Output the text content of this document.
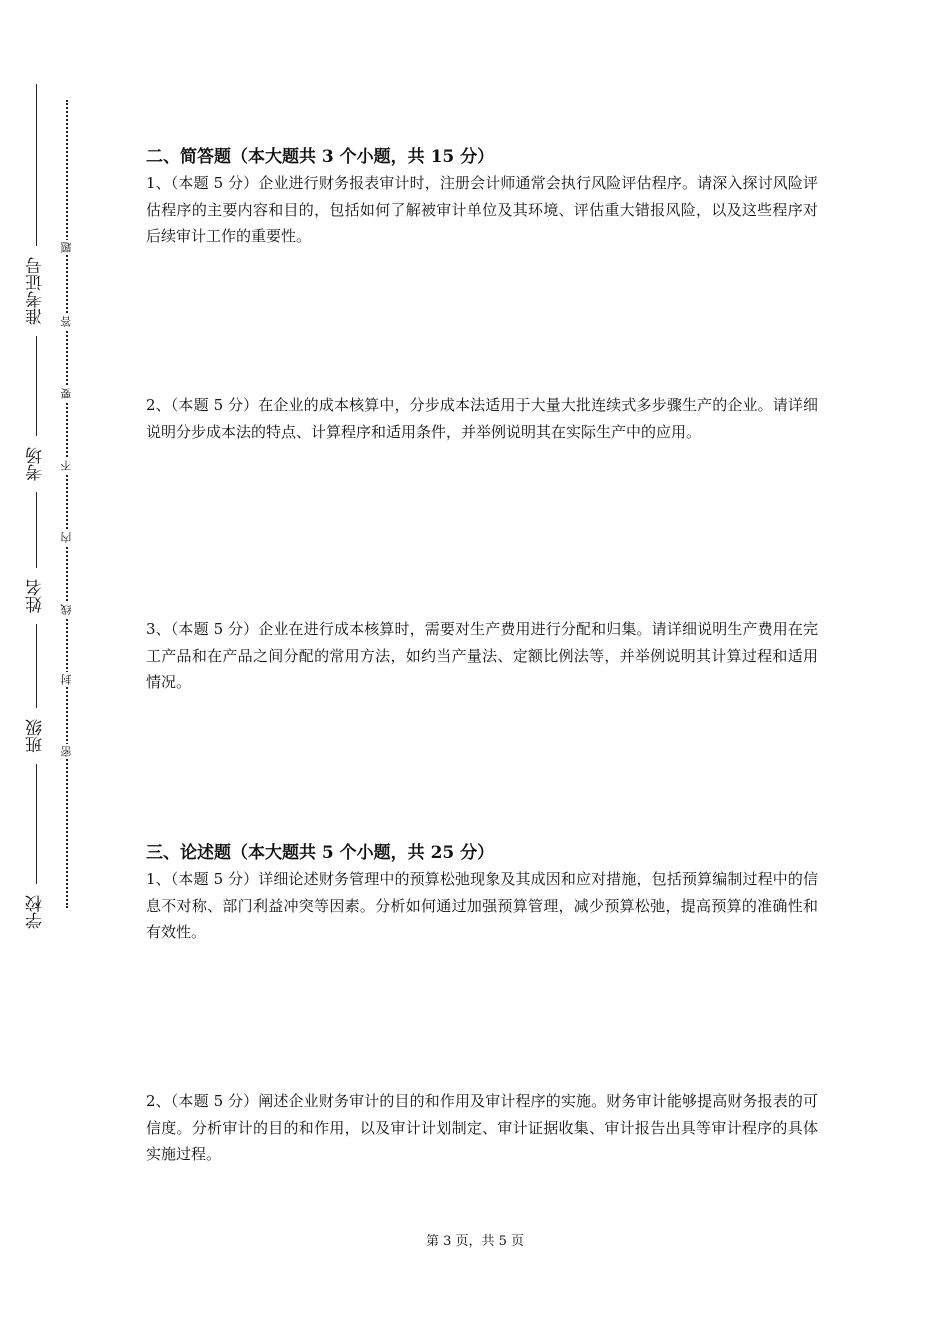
准考证号
考场
姓名
班级
学校
题
答
要
不
内
线
封
密
二、简答题（本大题共 3 个小题，共 15 分）
1、（本题 5 分）企业进行财务报表审计时，注册会计师通常会执行风险评估程序。请深入探讨风险评估程序的主要内容和目的，包括如何了解被审计单位及其环境、评估重大错报风险，以及这些程序对后续审计工作的重要性。
2、（本题 5 分）在企业的成本核算中，分步成本法适用于大量大批连续式多步骤生产的企业。请详细说明分步成本法的特点、计算程序和适用条件，并举例说明其在实际生产中的应用。
3、（本题 5 分）企业在进行成本核算时，需要对生产费用进行分配和归集。请详细说明生产费用在完工产品和在产品之间分配的常用方法，如约当产量法、定额比例法等，并举例说明其计算过程和适用情况。
三、论述题（本大题共 5 个小题，共 25 分）
1、（本题 5 分）详细论述财务管理中的预算松弛现象及其成因和应对措施，包括预算编制过程中的信息不对称、部门利益冲突等因素。分析如何通过加强预算管理，减少预算松弛，提高预算的准确性和有效性。
2、（本题 5 分）阐述企业财务审计的目的和作用及审计程序的实施。财务审计能够提高财务报表的可信度。分析审计的目的和作用，以及审计计划制定、审计证据收集、审计报告出具等审计程序的具体实施过程。
第 3 页，共 5 页
